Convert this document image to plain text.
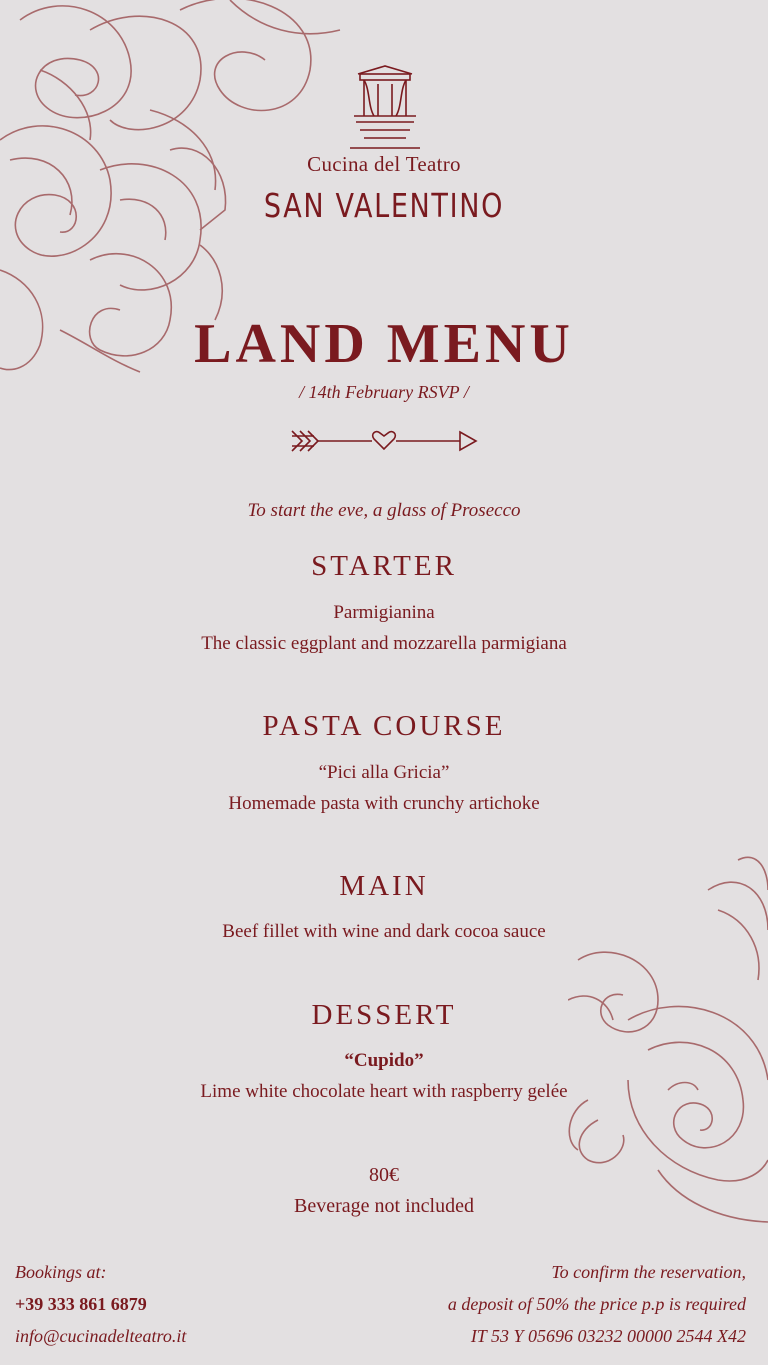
Cucina del Teatro
SAN VALENTINO
LAND MENU
/ 14th February RSVP /
To start the eve, a glass of Prosecco
STARTER
Parmigianina
The classic eggplant and mozzarella parmigiana
PASTA COURSE
“Pici alla Gricia”
Homemade pasta with crunchy artichoke
MAIN
Beef fillet with wine and dark cocoa sauce
DESSERT
“Cupido”
Lime white chocolate heart with raspberry gelée
80€
Beverage not included
Bookings at:
+39 333 861 6879
info@cucinadelteatro.it
To confirm the reservation,
a deposit of 50% the price p.p is required
IT 53 Y 05696 03232 00000 2544 X42
